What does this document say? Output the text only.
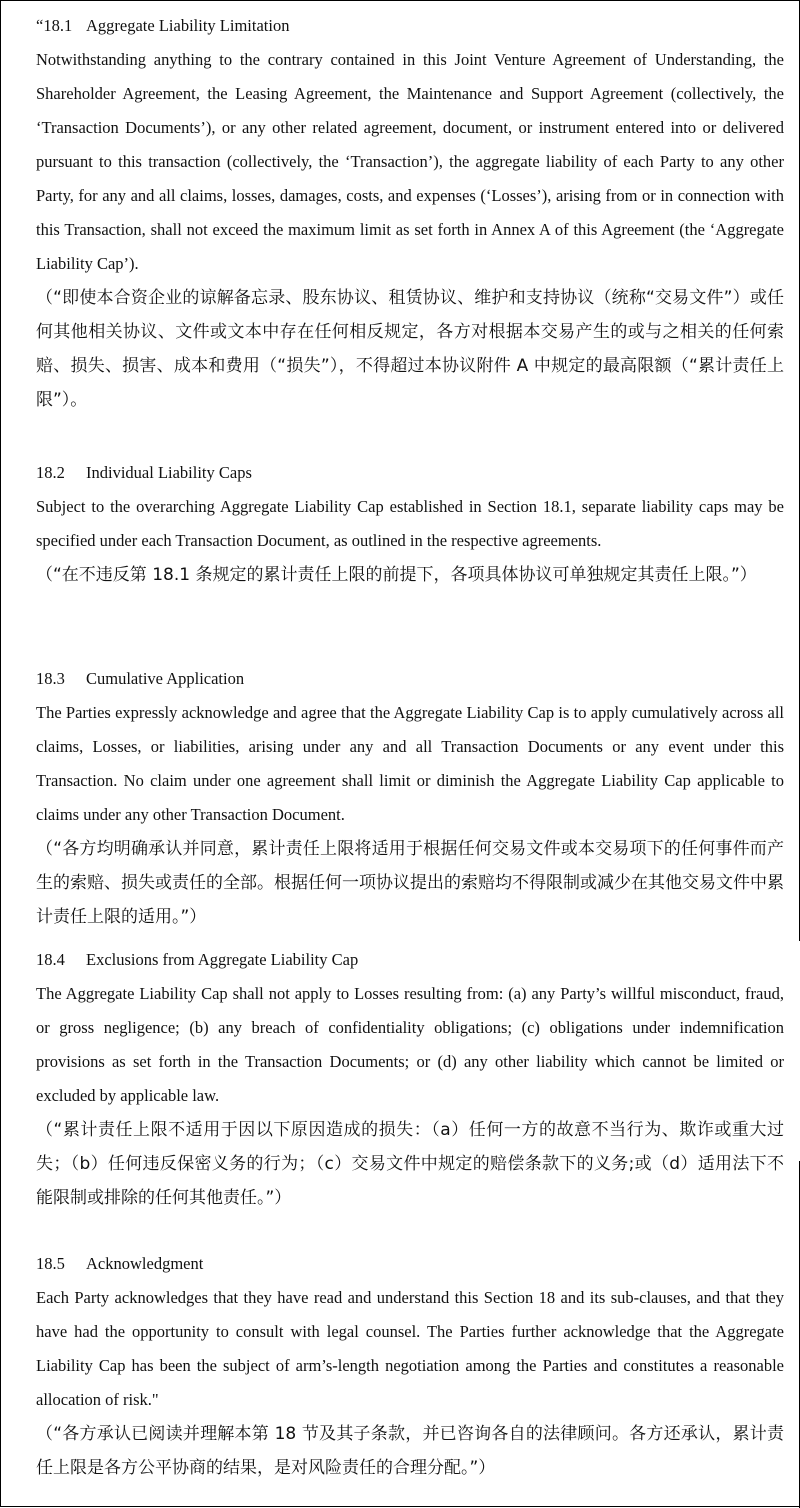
“18.1 Aggregate Liability Limitation
Notwithstanding anything to the contrary contained in this Joint Venture Agreement of Understanding, the Shareholder Agreement, the Leasing Agreement, the Maintenance and Support Agreement (collectively, the ‘Transaction Documents’), or any other related agreement, document, or instrument entered into or delivered pursuant to this transaction (collectively, the ‘Transaction’), the aggregate liability of each Party to any other Party, for any and all claims, losses, damages, costs, and expenses (‘Losses’), arising from or in connection with this Transaction, shall not exceed the maximum limit as set forth in Annex A of this Agreement (the ‘Aggregate Liability Cap’).
（“即使本合资企业的谅解备忘录、股东协议、租赁协议、维护和支持协议（统称“交易文件”）或任何其他相关协议、文件或文本中存在任何相反规定，各方对根据本交易产生的或与之相关的任何索赔、损失、损害、成本和费用（“损失”），不得超过本协议附件 A 中规定的最高限额（“累计责任上限”）。
18.2 Individual Liability Caps
Subject to the overarching Aggregate Liability Cap established in Section 18.1, separate liability caps may be specified under each Transaction Document, as outlined in the respective agreements.
（“在不违反第 18.1 条规定的累计责任上限的前提下，各项具体协议可单独规定其责任上限。”）
18.3 Cumulative Application
The Parties expressly acknowledge and agree that the Aggregate Liability Cap is to apply cumulatively across all claims, Losses, or liabilities, arising under any and all Transaction Documents or any event under this Transaction. No claim under one agreement shall limit or diminish the Aggregate Liability Cap applicable to claims under any other Transaction Document.
（“各方均明确承认并同意，累计责任上限将适用于根据任何交易文件或本交易项下的任何事件而产生的索赔、损失或责任的全部。根据任何一项协议提出的索赔均不得限制或减少在其他交易文件中累计责任上限的适用。”）
18.4 Exclusions from Aggregate Liability Cap
The Aggregate Liability Cap shall not apply to Losses resulting from: (a) any Party’s willful misconduct, fraud, or gross negligence; (b) any breach of confidentiality obligations; (c) obligations under indemnification provisions as set forth in the Transaction Documents; or (d) any other liability which cannot be limited or excluded by applicable law.
（“累计责任上限不适用于因以下原因造成的损失：（a）任何一方的故意不当行为、欺诈或重大过失；（b）任何违反保密义务的行为；（c）交易文件中规定的赔偿条款下的义务;或（d）适用法下不能限制或排除的任何其他责任。”）
18.5 Acknowledgment
Each Party acknowledges that they have read and understand this Section 18 and its sub-clauses, and that they have had the opportunity to consult with legal counsel. The Parties further acknowledge that the Aggregate Liability Cap has been the subject of arm’s-length negotiation among the Parties and constitutes a reasonable allocation of risk."
（“各方承认已阅读并理解本第 18 节及其子条款，并已咨询各自的法律顾问。各方还承认，累计责任上限是各方公平协商的结果，是对风险责任的合理分配。”）
